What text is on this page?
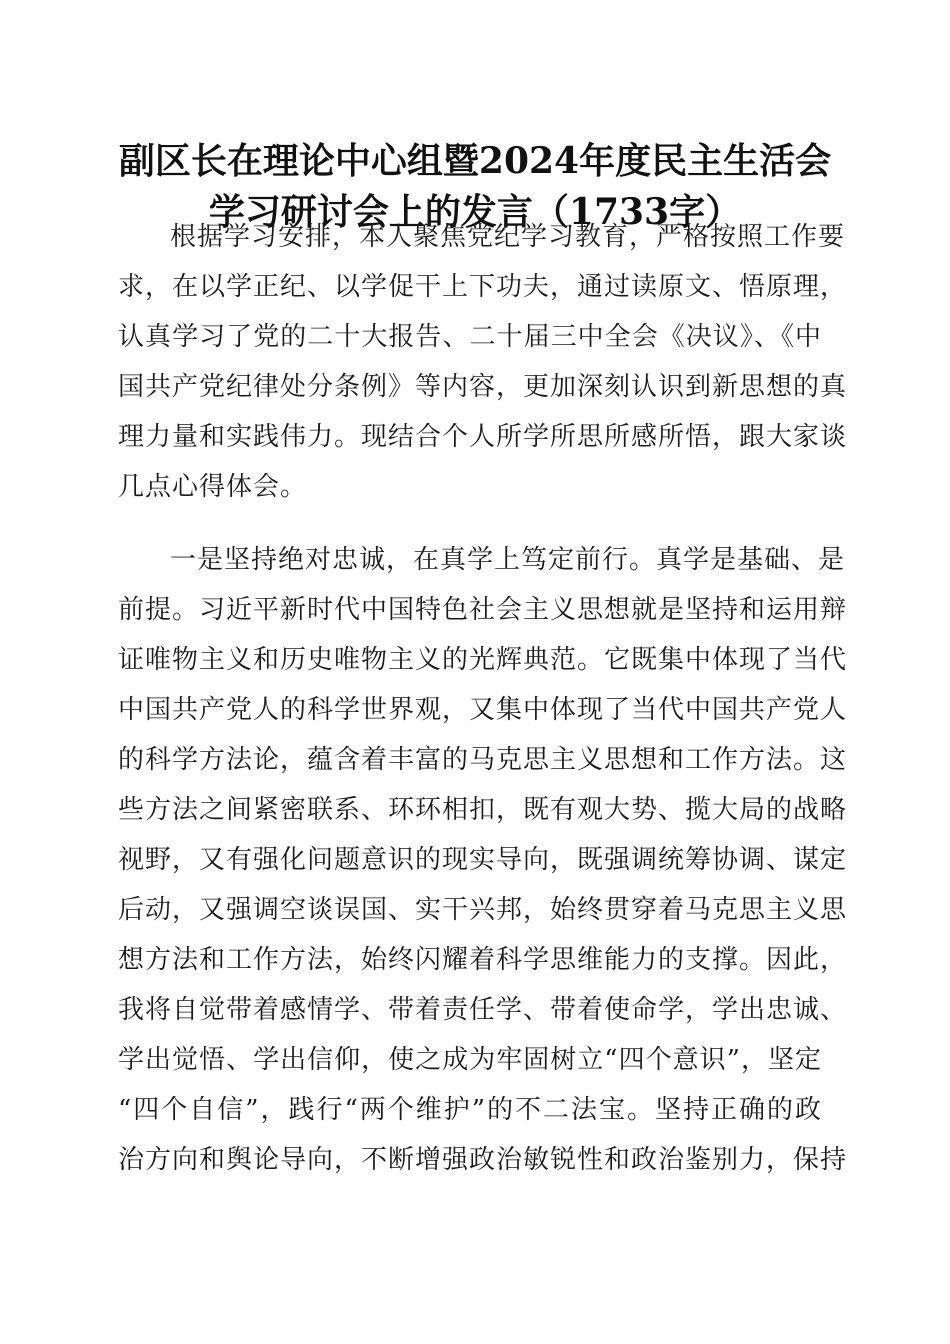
副区长在理论中心组暨2024年度民主生活会
学习研讨会上的发言（1733字）
根据学习安排，本人聚焦党纪学习教育，严格按照工作要
求，在以学正纪、以学促干上下功夫，通过读原文、悟原理，
认真学习了党的二十大报告、二十届三中全会《决议》、《中
国共产党纪律处分条例》等内容，更加深刻认识到新思想的真
理力量和实践伟力。现结合个人所学所思所感所悟，跟大家谈
几点心得体会。
一是坚持绝对忠诚，在真学上笃定前行。真学是基础、是
前提。习近平新时代中国特色社会主义思想就是坚持和运用辩
证唯物主义和历史唯物主义的光辉典范。它既集中体现了当代
中国共产党人的科学世界观，又集中体现了当代中国共产党人
的科学方法论，蕴含着丰富的马克思主义思想和工作方法。这
些方法之间紧密联系、环环相扣，既有观大势、揽大局的战略
视野，又有强化问题意识的现实导向，既强调统筹协调、谋定
后动，又强调空谈误国、实干兴邦，始终贯穿着马克思主义思
想方法和工作方法，始终闪耀着科学思维能力的支撑。因此，
我将自觉带着感情学、带着责任学、带着使命学，学出忠诚、
学出觉悟、学出信仰，使之成为牢固树立“四个意识”，坚定
“四个自信”，践行“两个维护”的不二法宝。坚持正确的政
治方向和舆论导向，不断增强政治敏锐性和政治鉴别力，保持
